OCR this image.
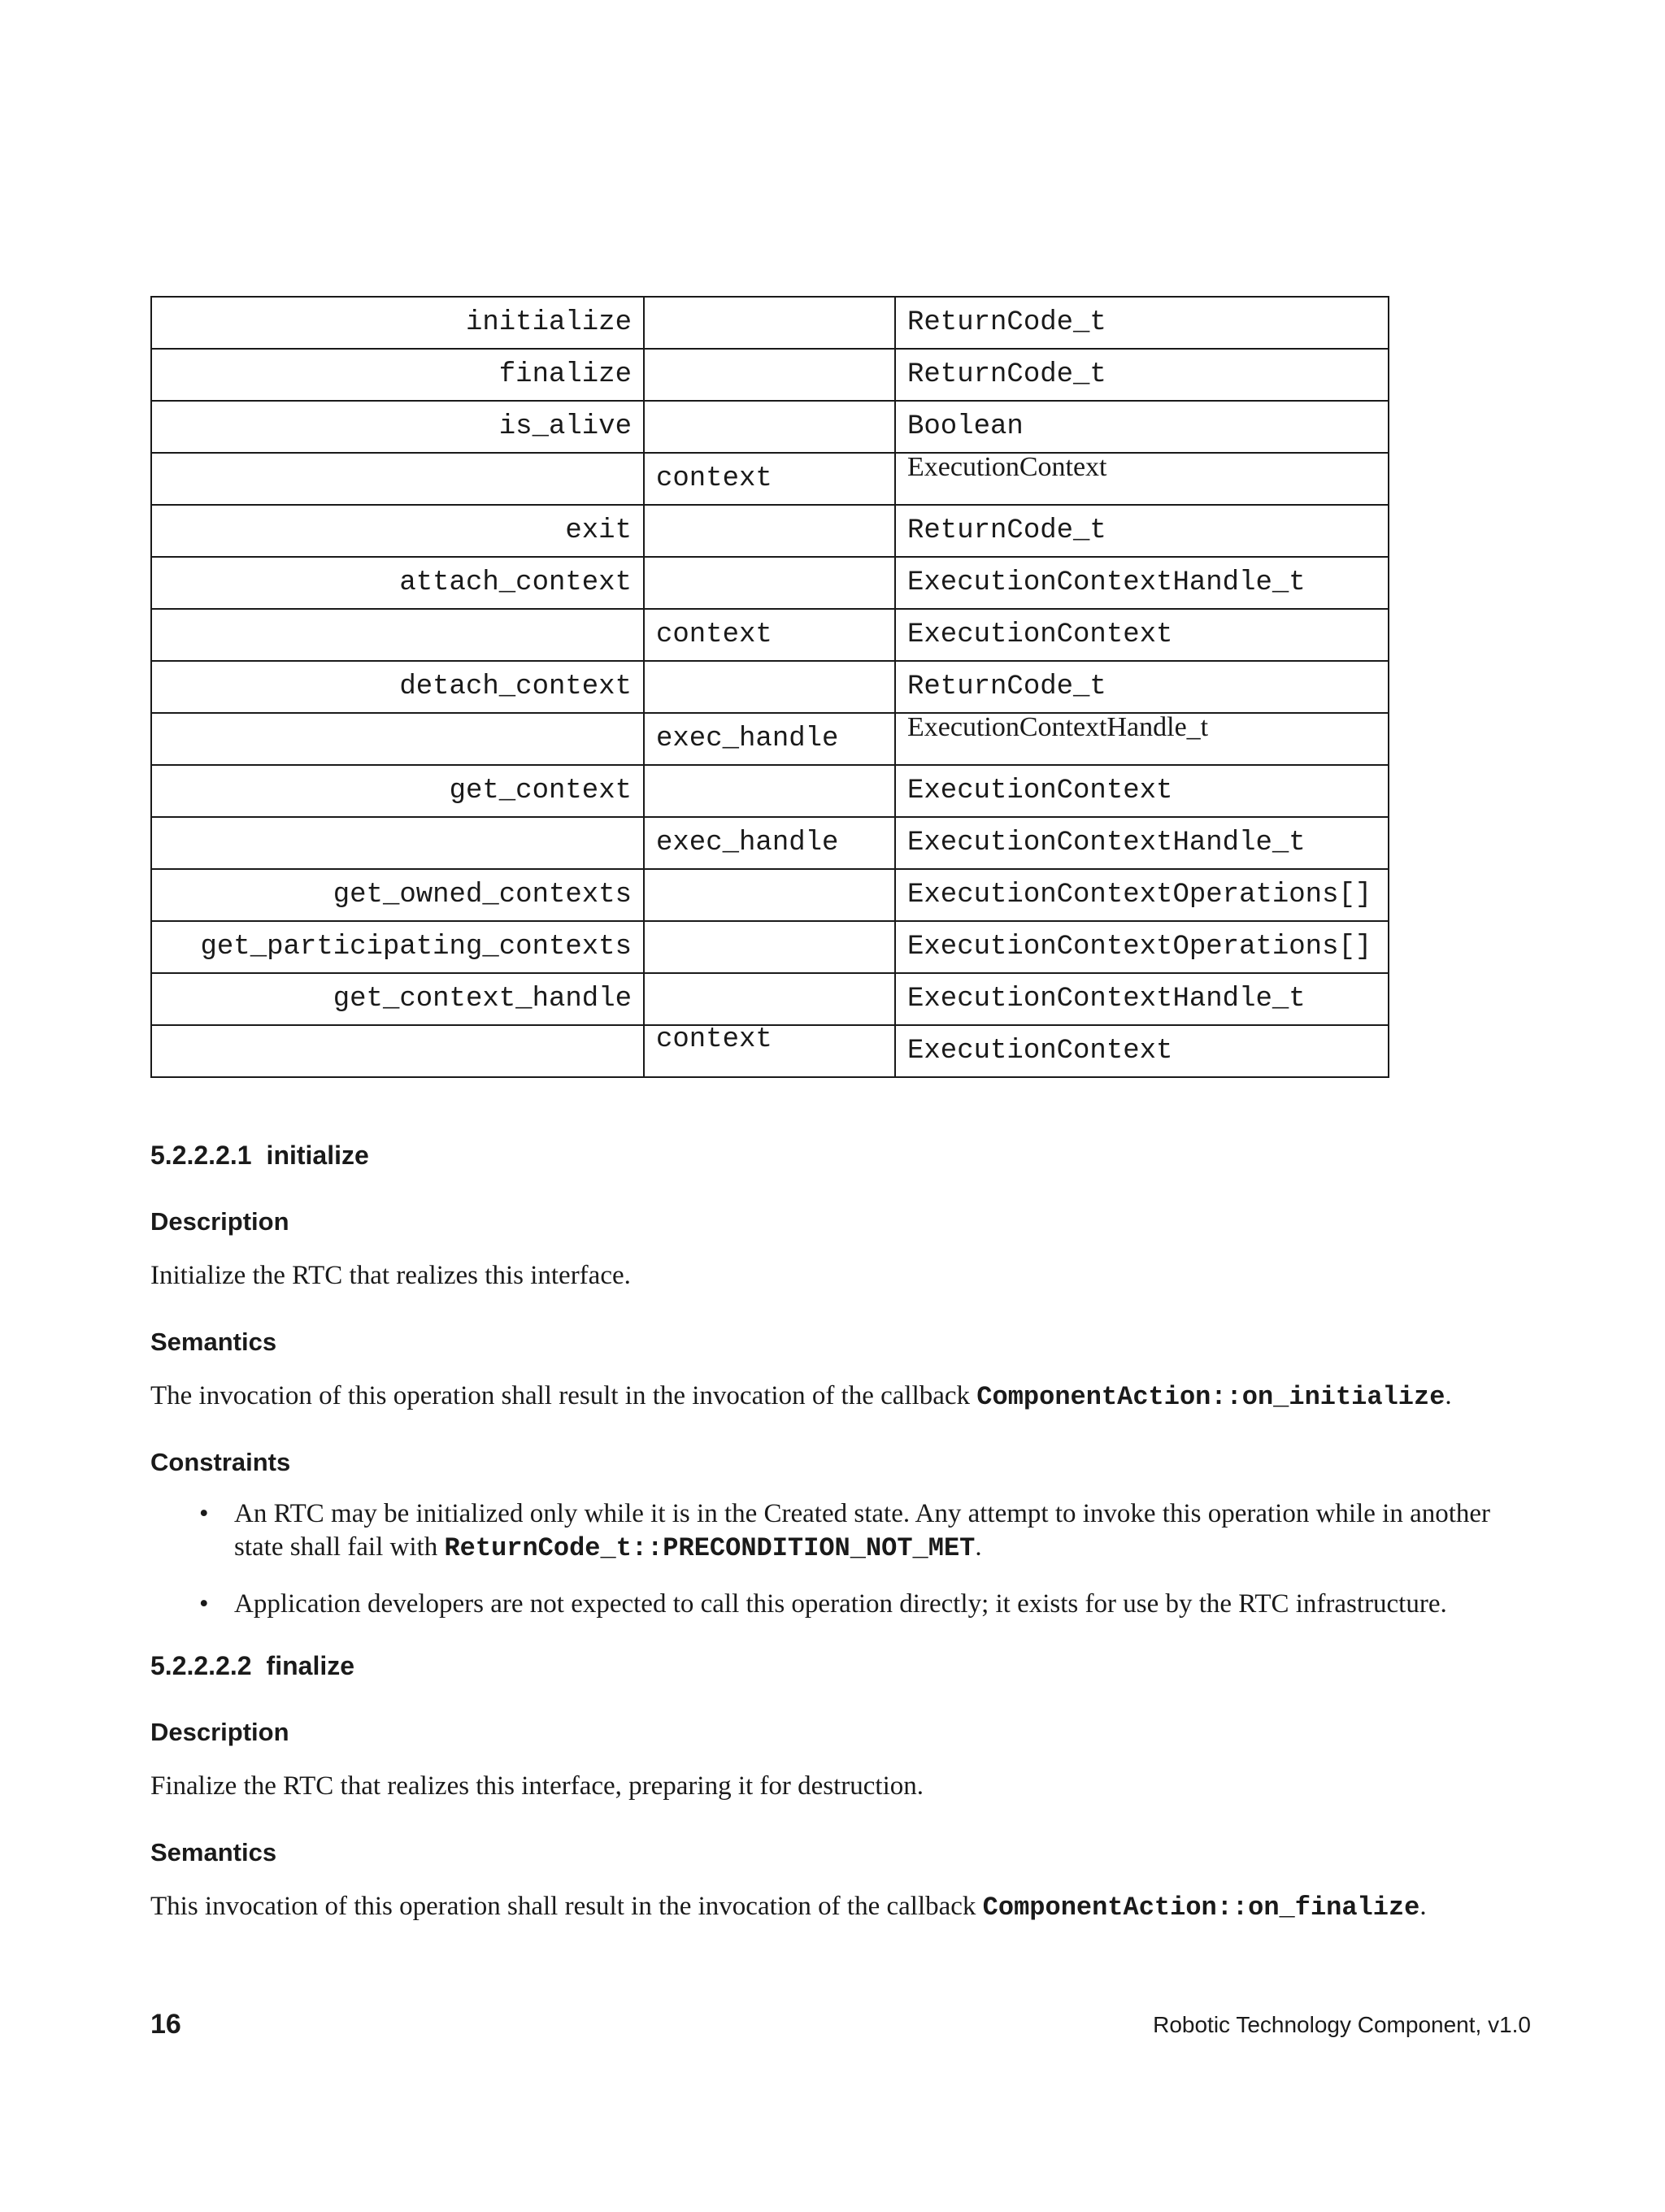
initialize		ReturnCode_t
finalize		ReturnCode_t
is_alive		Boolean
	context	ExecutionContext
exit		ReturnCode_t
attach_context		ExecutionContextHandle_t
	context	ExecutionContext
detach_context		ReturnCode_t
	exec_handle	ExecutionContextHandle_t
get_context		ExecutionContext
	exec_handle	ExecutionContextHandle_t
get_owned_contexts		ExecutionContextOperations[]
get_participating_contexts		ExecutionContextOperations[]
get_context_handle		ExecutionContextHandle_t
	context	ExecutionContext
5.2.2.2.1 initialize
Description
Initialize the RTC that realizes this interface.
Semantics
The invocation of this operation shall result in the invocation of the callback ComponentAction::on_initialize.
Constraints
• An RTC may be initialized only while it is in the Created state. Any attempt to invoke this operation while in another state shall fail with ReturnCode_t::PRECONDITION_NOT_MET.
• Application developers are not expected to call this operation directly; it exists for use by the RTC infrastructure.
5.2.2.2.2 finalize
Description
Finalize the RTC that realizes this interface, preparing it for destruction.
Semantics
This invocation of this operation shall result in the invocation of the callback ComponentAction::on_finalize.
16	Robotic Technology Component, v1.0
